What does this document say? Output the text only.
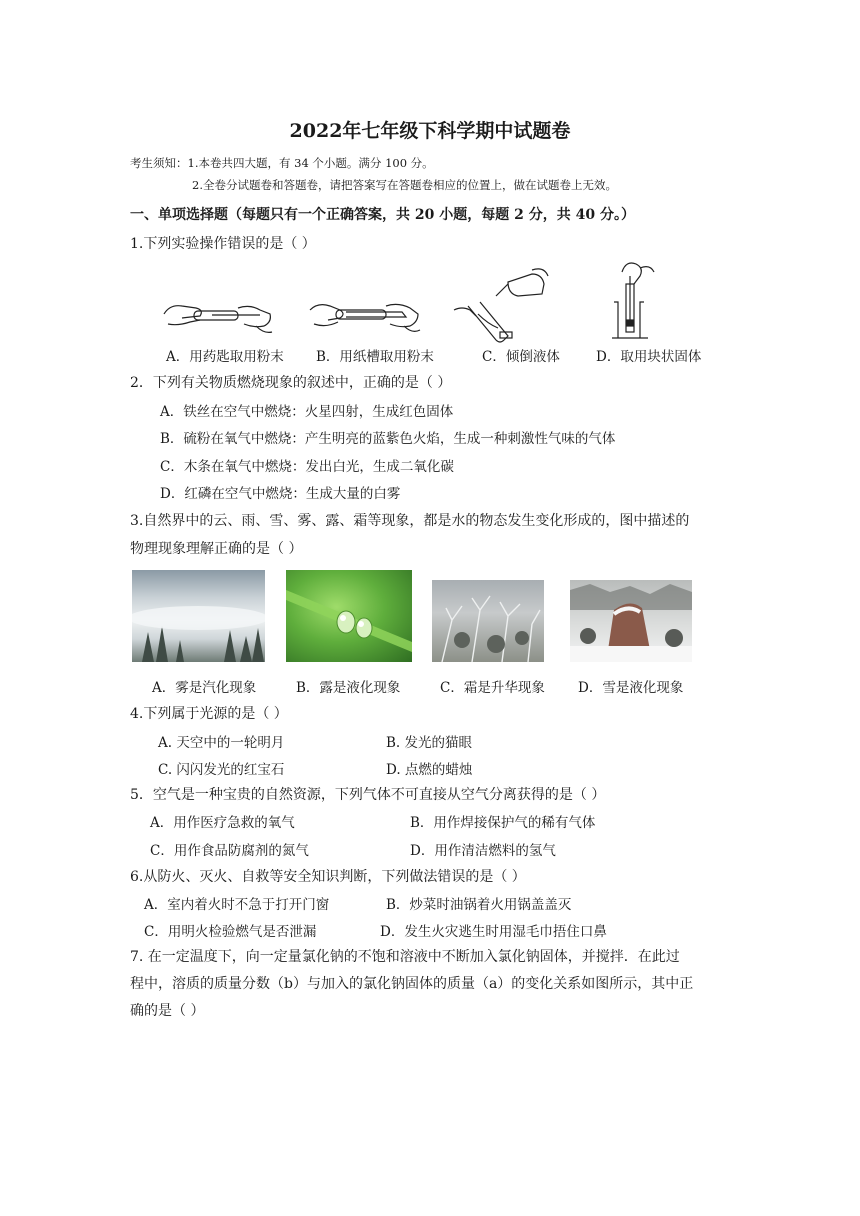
2022年七年级下科学期中试题卷
考生须知：1.本卷共四大题，有 34 个小题。满分 100 分。
2.全卷分试题卷和答题卷，请把答案写在答题卷相应的位置上，做在试题卷上无效。
一、单项选择题（每题只有一个正确答案，共 20 小题，每题 2 分，共 40 分。）
1.下列实验操作错误的是（ ）
A．用药匙取用粉末 B．用纸槽取用粉末	C．倾倒液体	D．取用块状固体
2．下列有关物质燃烧现象的叙述中，正确的是（ ）
A．铁丝在空气中燃烧：火星四射，生成红色固体
B．硫粉在氧气中燃烧：产生明亮的蓝紫色火焰，生成一种刺激性气味的气体
C．木条在氧气中燃烧：发出白光，生成二氧化碳
D．红磷在空气中燃烧：生成大量的白雾
3.自然界中的云、雨、雪、雾、露、霜等现象，都是水的物态发生变化形成的，图中描述的
物理现象理解正确的是（ ）
A．雾是汽化现象	B．露是液化现象	C．霜是升华现象 D．雪是液化现象
4.下列属于光源的是（ ）
A. 天空中的一轮明月	B. 发光的猫眼
C. 闪闪发光的红宝石	D. 点燃的蜡烛
5．空气是一种宝贵的自然资源，下列气体不可直接从空气分离获得的是（ ）
A．用作医疗急救的氧气	B．用作焊接保护气的稀有气体
C．用作食品防腐剂的氮气	D．用作清洁燃料的氢气
6.从防火、灭火、自救等安全知识判断，下列做法错误的是（ ）
A．室内着火时不急于打开门窗	B．炒菜时油锅着火用锅盖盖灭
C．用明火检验燃气是否泄漏	D．发生火灾逃生时用湿毛巾捂住口鼻
7. 在一定温度下，向一定量氯化钠的不饱和溶液中不断加入氯化钠固体，并搅拌．在此过
程中，溶质的质量分数（b）与加入的氯化钠固体的质量（a）的变化关系如图所示，其中正
确的是（ ）
